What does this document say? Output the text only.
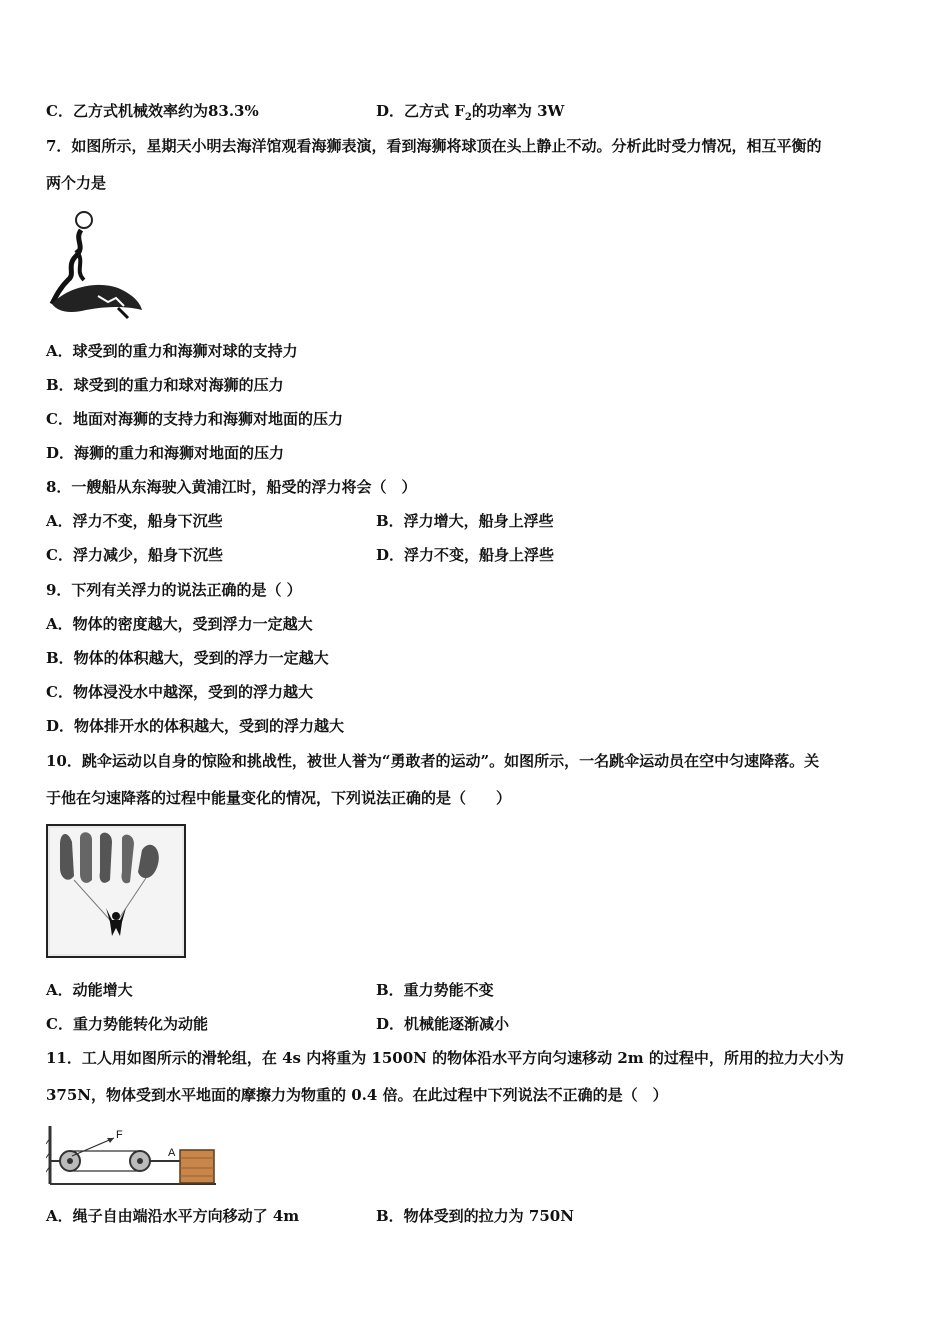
C．乙方式机械效率约为83.3%	D．乙方式 $F_2$的功率为 3W
7．如图所示，星期天小明去海洋馆观看海狮表演，看到海狮将球顶在头上静止不动。分析此时受力情况，相互平衡的
两个力是
A．球受到的重力和海狮对球的支持力
B．球受到的重力和球对海狮的压力
C．地面对海狮的支持力和海狮对地面的压力
D．海狮的重力和海狮对地面的压力
8．一艘船从东海驶入黄浦江时，船受的浮力将会（　）
A．浮力不变，船身下沉些	B．浮力增大，船身上浮些
C．浮力减少，船身下沉些	D．浮力不变，船身上浮些
9．下列有关浮力的说法正确的是（ ）
A．物体的密度越大，受到浮力一定越大
B．物体的体积越大，受到的浮力一定越大
C．物体浸没水中越深，受到的浮力越大
D．物体排开水的体积越大，受到的浮力越大
10．跳伞运动以自身的惊险和挑战性，被世人誉为“勇敢者的运动”。如图所示，一名跳伞运动员在空中匀速降落。关
于他在匀速降落的过程中能量变化的情况，下列说法正确的是（　　）
A．动能增大	B．重力势能不变
C．重力势能转化为动能	D．机械能逐渐减小
11．工人用如图所示的滑轮组，在 4s 内将重为 1500N 的物体沿水平方向匀速移动 2m 的过程中，所用的拉力大小为
375N，物体受到水平地面的摩擦力为物重的 0.4 倍。在此过程中下列说法不正确的是（　）
F
A
A．绳子自由端沿水平方向移动了 4m	B．物体受到的拉力为 750N
